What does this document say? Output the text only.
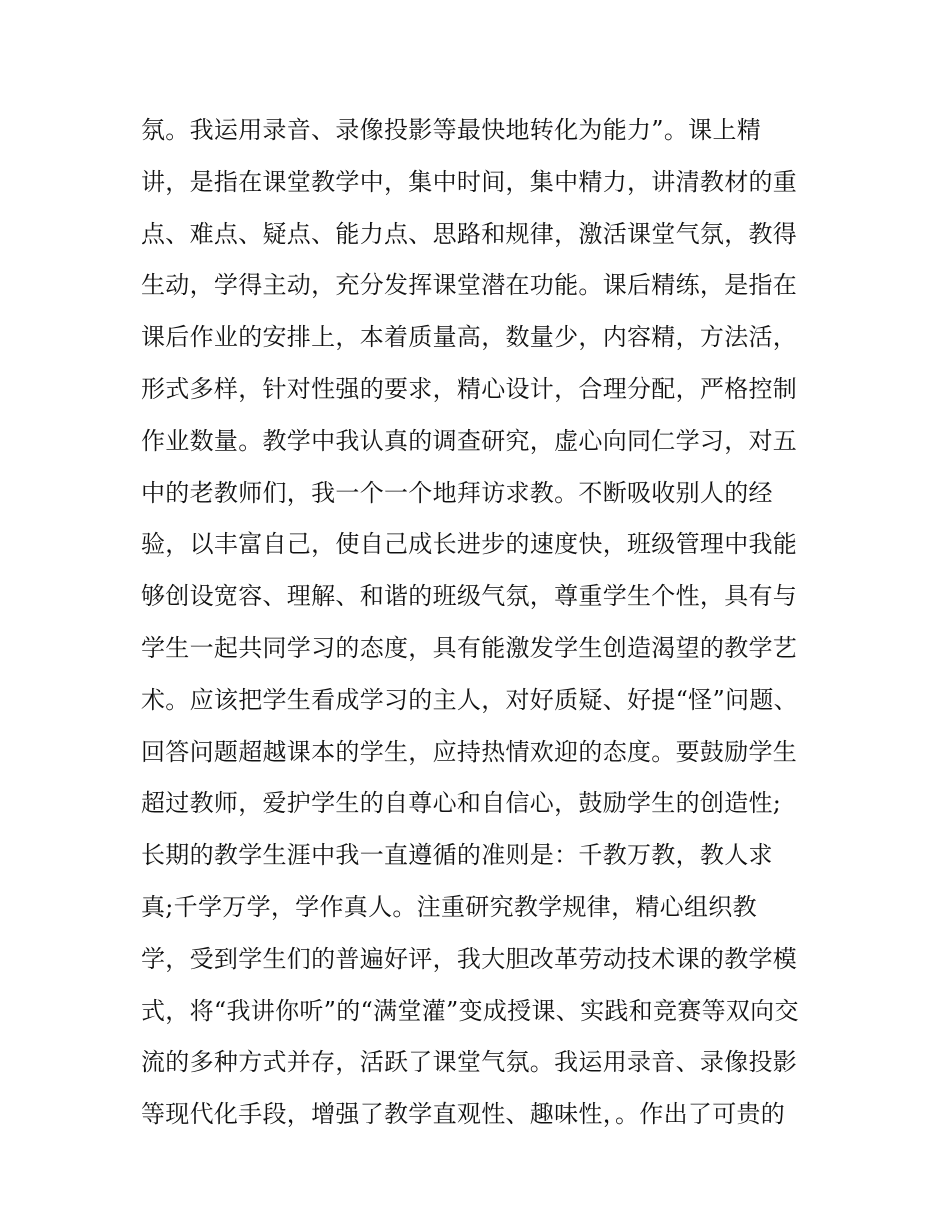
氛。我运用录音、录像投影等最快地转化为能力”。课上精
讲，是指在课堂教学中，集中时间，集中精力，讲清教材的重
点、难点、疑点、能力点、思路和规律，激活课堂气氛，教得
生动，学得主动，充分发挥课堂潜在功能。课后精练，是指在
课后作业的安排上，本着质量高，数量少，内容精，方法活，
形式多样，针对性强的要求，精心设计，合理分配，严格控制
作业数量。教学中我认真的调查研究，虚心向同仁学习，对五
中的老教师们，我一个一个地拜访求教。不断吸收别人的经
验，以丰富自己，使自己成长进步的速度快，班级管理中我能
够创设宽容、理解、和谐的班级气氛，尊重学生个性，具有与
学生一起共同学习的态度，具有能激发学生创造渴望的教学艺
术。应该把学生看成学习的主人，对好质疑、好提“怪”问题、
回答问题超越课本的学生，应持热情欢迎的态度。要鼓励学生
超过教师，爱护学生的自尊心和自信心，鼓励学生的创造性;
长期的教学生涯中我一直遵循的准则是：千教万教，教人求
真;千学万学，学作真人。注重研究教学规律，精心组织教
学，受到学生们的普遍好评，我大胆改革劳动技术课的教学模
式，将“我讲你听”的“满堂灌”变成授课、实践和竞赛等双向交
流的多种方式并存，活跃了课堂气氛。我运用录音、录像投影
等现代化手段，增强了教学直观性、趣味性，。作出了可贵的
